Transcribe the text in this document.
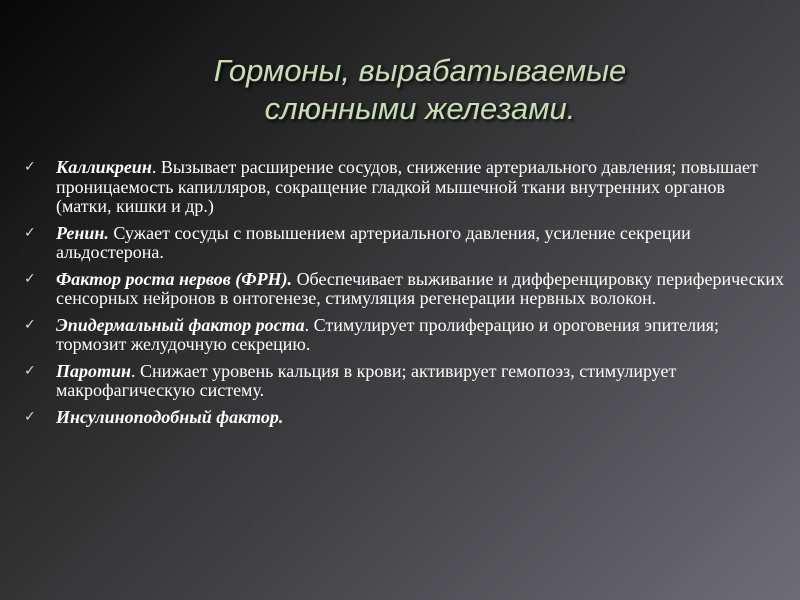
Гормоны, вырабатываемые
слюнными железами.
✓ Калликреин. Вызывает расширение сосудов, снижение артериального давления; повышает проницаемость капилляров, сокращение гладкой мышечной ткани внутренних органов (матки, кишки и др.)
✓ Ренин. Сужает сосуды с повышением артериального давления, усиление секреции альдостерона.
✓ Фактор роста нервов (ФРН). Обеспечивает выживание и дифференцировку периферических сенсорных нейронов в онтогенезе, стимуляция регенерации нервных волокон.
✓ Эпидермальный фактор роста. Стимулирует пролиферацию и ороговения эпителия; тормозит желудочную секрецию.
✓ Паротин. Снижает уровень кальция в крови; активирует гемопоэз, стимулирует макрофагическую систему.
✓ Инсулиноподобный фактор.
